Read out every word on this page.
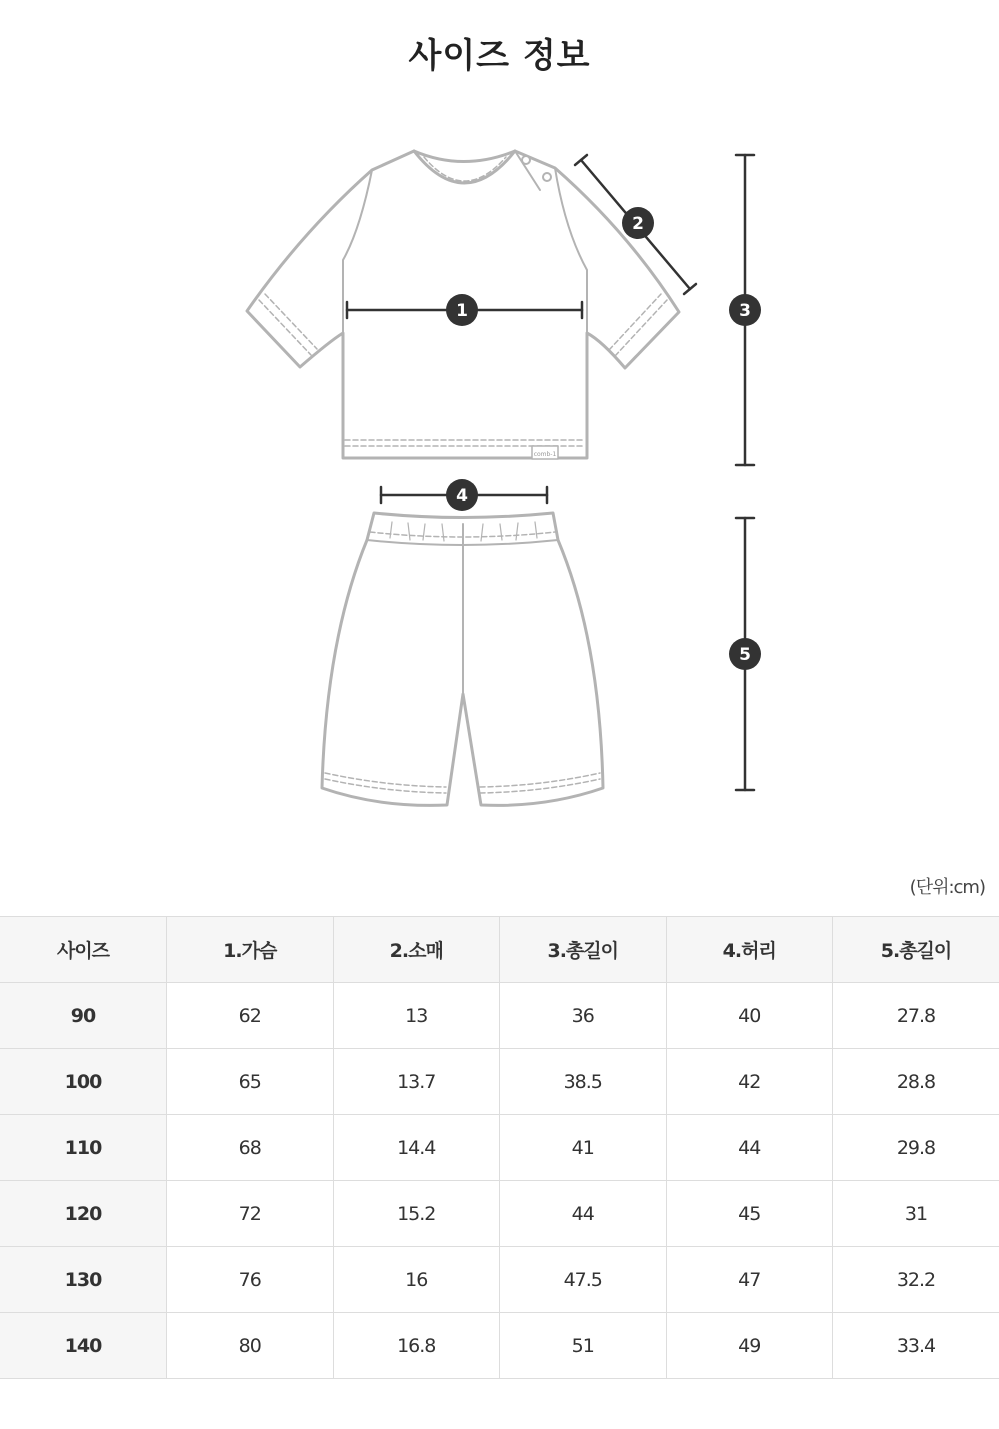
사이즈 정보
comb-1
1
2
3
4
5
(단위:cm)
사이즈	1.가슴	2.소매	3.총길이	4.허리	5.총길이
90	62	13	36	40	27.8
100	65	13.7	38.5	42	28.8
110	68	14.4	41	44	29.8
120	72	15.2	44	45	31
130	76	16	47.5	47	32.2
140	80	16.8	51	49	33.4
